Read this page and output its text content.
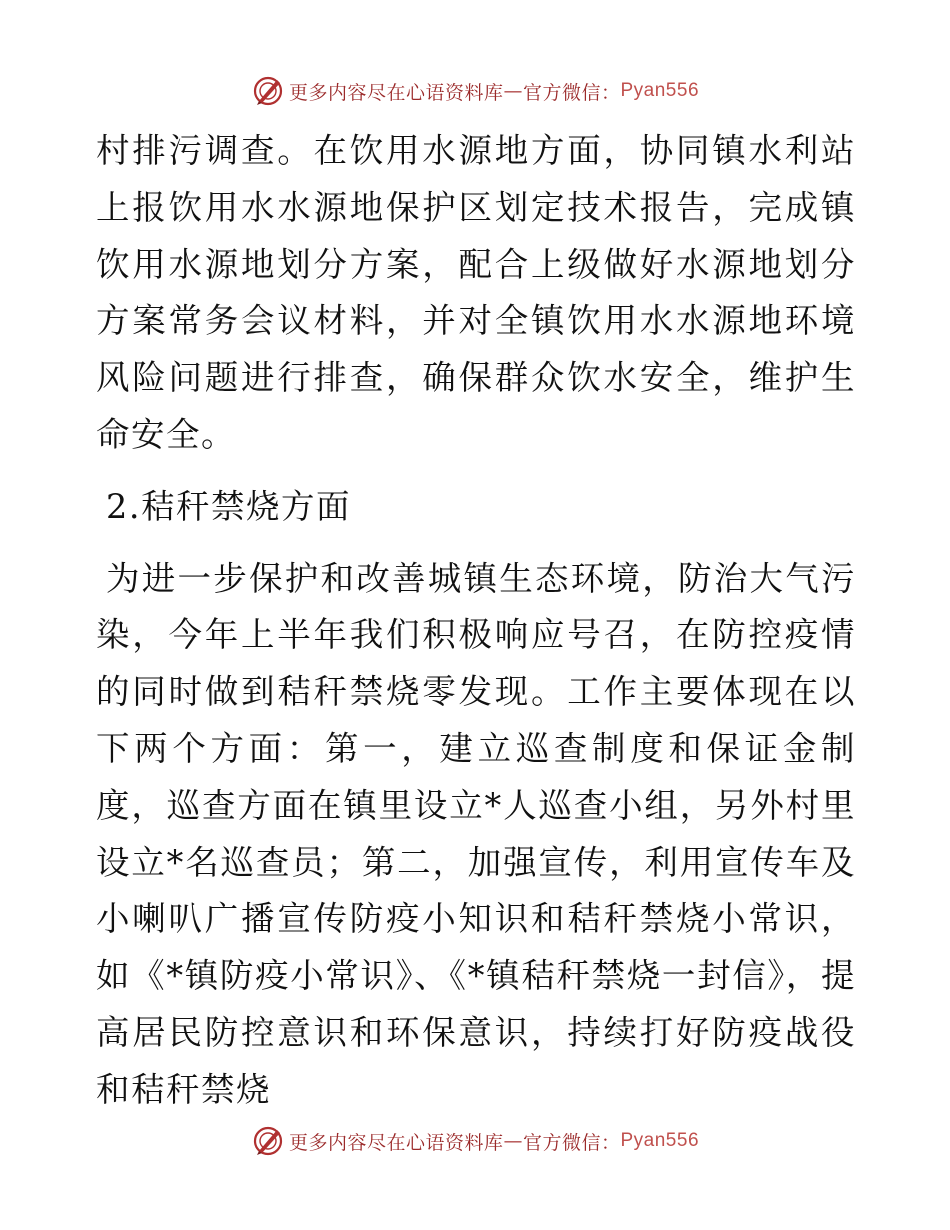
更多内容尽在心语资料库 — 官方微信： Pyan556

村排污调查。在饮用水源地方面，协同镇水利站上报饮用水水源地保护区划定技术报告，完成镇饮用水源地划分方案，配合上级做好水源地划分方案常务会议材料，并对全镇饮用水水源地环境风险问题进行排查，确保群众饮水安全，维护生命安全。

2.秸秆禁烧方面

为进一步保护和改善城镇生态环境，防治大气污染，今年上半年我们积极响应号召，在防控疫情的同时做到秸秆禁烧零发现。工作主要体现在以下两个方面：第一，建立巡查制度和保证金制度，巡查方面在镇里设立*人巡查小组，另外村里设立*名巡查员；第二，加强宣传，利用宣传车及小喇叭广播宣传防疫小知识和秸秆禁烧小常识，如《*镇防疫小常识》、《*镇秸秆禁烧一封信》，提高居民防控意识和环保意识，持续打好防疫战役和秸秆禁烧

更多内容尽在心语资料库 — 官方微信： Pyan556
